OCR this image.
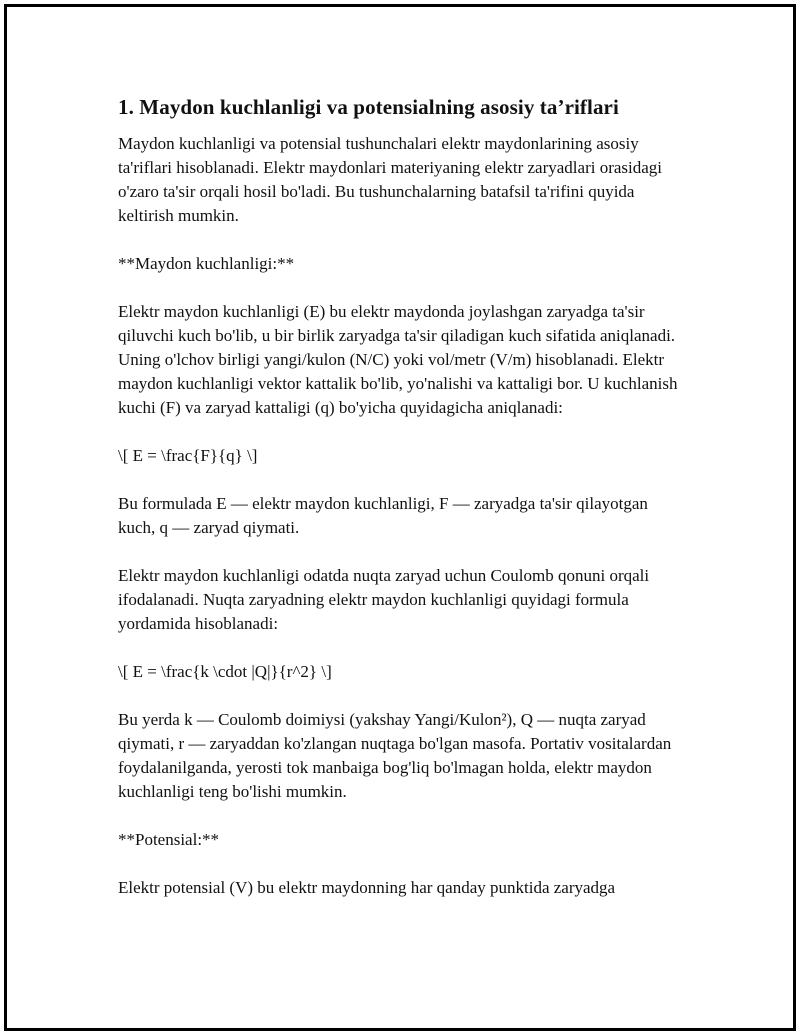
1. Maydon kuchlanligi va potensialning asosiy ta’riflari

Maydon kuchlanligi va potensial tushunchalari elektr maydonlarining asosiy ta'riflari hisoblanadi. Elektr maydonlari materiyaning elektr zaryadlari orasidagi o'zaro ta'sir orqali hosil bo'ladi. Bu tushunchalarning batafsil ta'rifini quyida keltirish mumkin.

**Maydon kuchlanligi:**

Elektr maydon kuchlanligi (E) bu elektr maydonda joylashgan zaryadga ta'sir qiluvchi kuch bo'lib, u bir birlik zaryadga ta'sir qiladigan kuch sifatida aniqlanadi. Uning o'lchov birligi yangi/kulon (N/C) yoki vol/metr (V/m) hisoblanadi. Elektr maydon kuchlanligi vektor kattalik bo'lib, yo'nalishi va kattaligi bor. U kuchlanish kuchi (F) va zaryad kattaligi (q) bo'yicha quyidagicha aniqlanadi:

\[ E = \frac{F}{q} \]

Bu formulada E — elektr maydon kuchlanligi, F — zaryadga ta'sir qilayotgan kuch, q — zaryad qiymati.

Elektr maydon kuchlanligi odatda nuqta zaryad uchun Coulomb qonuni orqali ifodalanadi. Nuqta zaryadning elektr maydon kuchlanligi quyidagi formula yordamida hisoblanadi:

\[ E = \frac{k \cdot |Q|}{r^2} \]

Bu yerda k — Coulomb doimiysi (yakshay Yangi/Kulon²), Q — nuqta zaryad qiymati, r — zaryaddan ko'zlangan nuqtaga bo'lgan masofa. Portativ vositalardan foydalanilganda, yerosti tok manbaiga bog'liq bo'lmagan holda, elektr maydon kuchlanligi teng bo'lishi mumkin.

**Potensial:**

Elektr potensial (V) bu elektr maydonning har qanday punktida zaryadga
